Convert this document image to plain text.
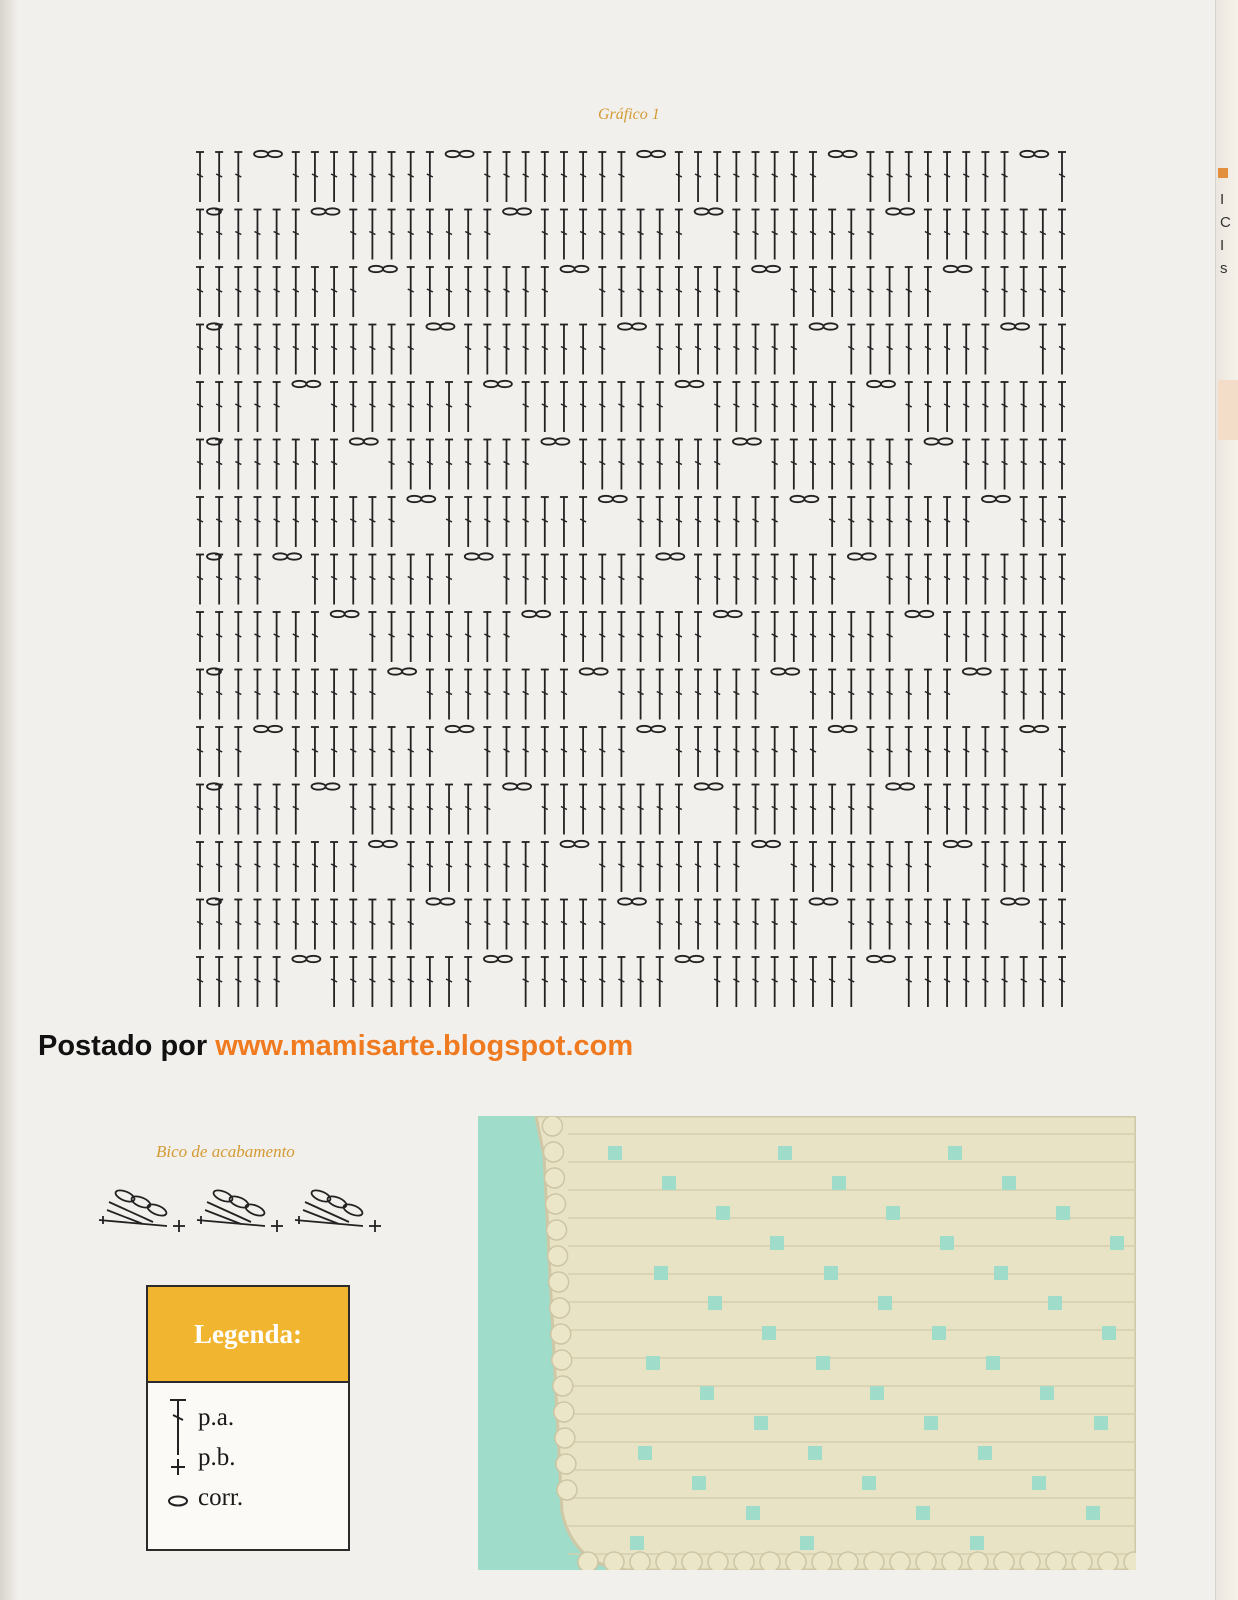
I
C
I
s
Gráfico 1
Postado por www.mamisarte.blogspot.com
Bico de acabamento
Legenda:
p.a.
p.b.
corr.
